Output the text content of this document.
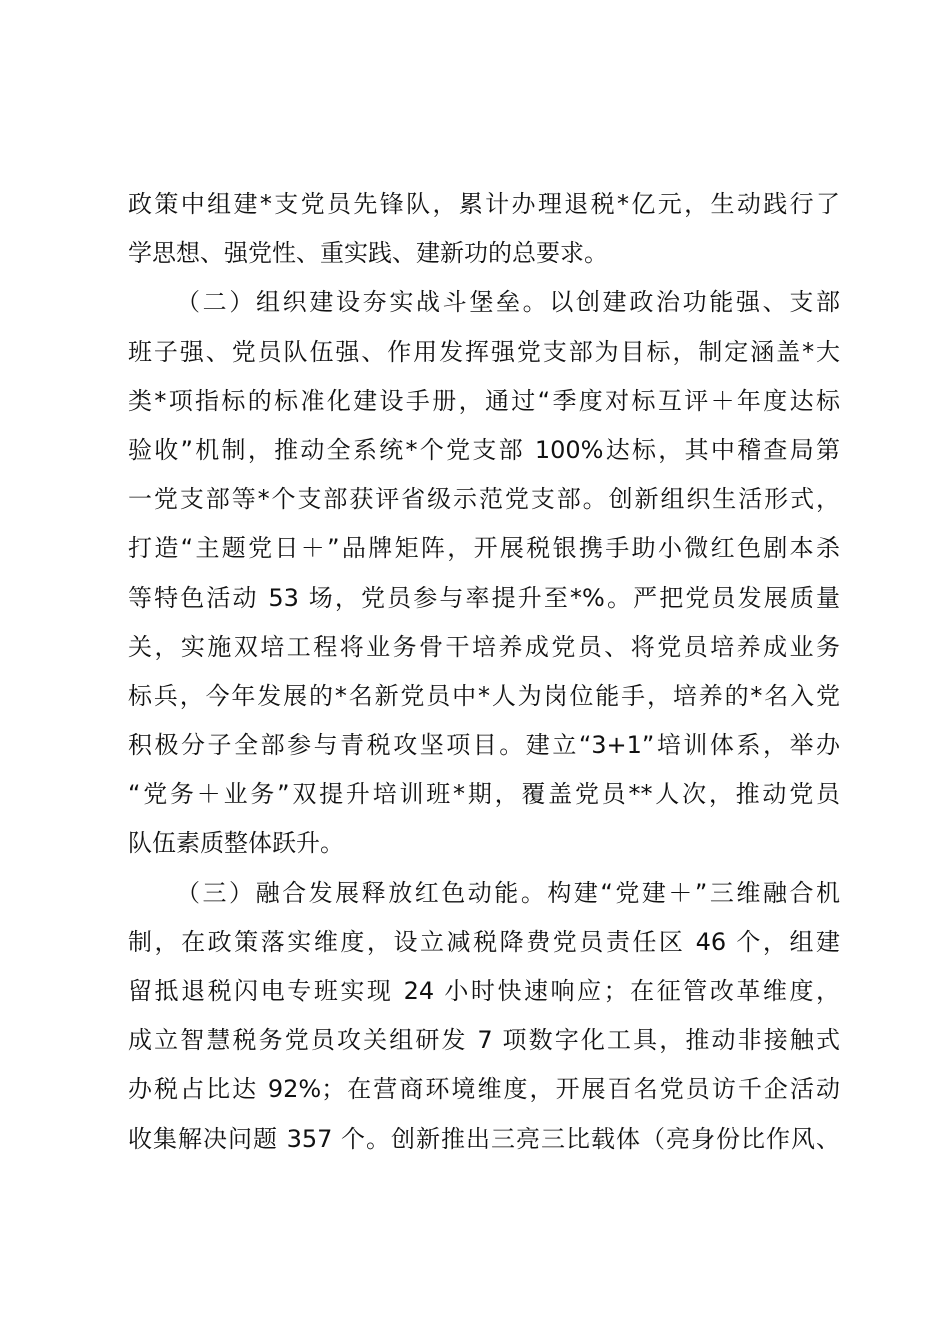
政策中组建*支党员先锋队，累计办理退税*亿元，生动践行了
学思想、强党性、重实践、建新功的总要求。
（二）组织建设夯实战斗堡垒。以创建政治功能强、支部
班子强、党员队伍强、作用发挥强党支部为目标，制定涵盖*大
类*项指标的标准化建设手册，通过“季度对标互评＋年度达标
验收”机制，推动全系统*个党支部 100%达标，其中稽查局第
一党支部等*个支部获评省级示范党支部。创新组织生活形式，
打造“主题党日＋”品牌矩阵，开展税银携手助小微红色剧本杀
等特色活动 53 场，党员参与率提升至*%。严把党员发展质量
关，实施双培工程将业务骨干培养成党员、将党员培养成业务
标兵，今年发展的*名新党员中*人为岗位能手，培养的*名入党
积极分子全部参与青税攻坚项目。建立“3+1”培训体系，举办
“党务＋业务”双提升培训班*期，覆盖党员**人次，推动党员
队伍素质整体跃升。
（三）融合发展释放红色动能。构建“党建＋”三维融合机
制，在政策落实维度，设立减税降费党员责任区 46 个，组建
留抵退税闪电专班实现 24 小时快速响应；在征管改革维度，
成立智慧税务党员攻关组研发 7 项数字化工具，推动非接触式
办税占比达 92%；在营商环境维度，开展百名党员访千企活动
收集解决问题 357 个。创新推出三亮三比载体（亮身份比作风、
